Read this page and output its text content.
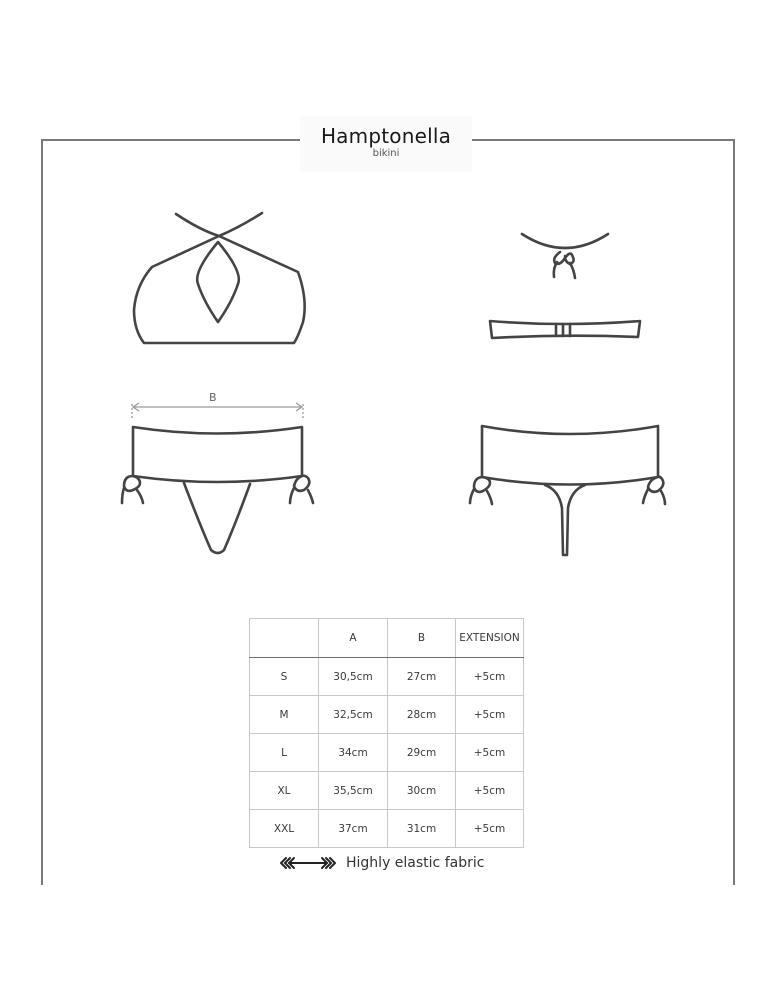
Hamptonella
bikini
B
	A	B	EXTENSION
S	30,5cm	27cm	+5cm
M	32,5cm	28cm	+5cm
L	34cm	29cm	+5cm
XL	35,5cm	30cm	+5cm
XXL	37cm	31cm	+5cm
Highly elastic fabric
